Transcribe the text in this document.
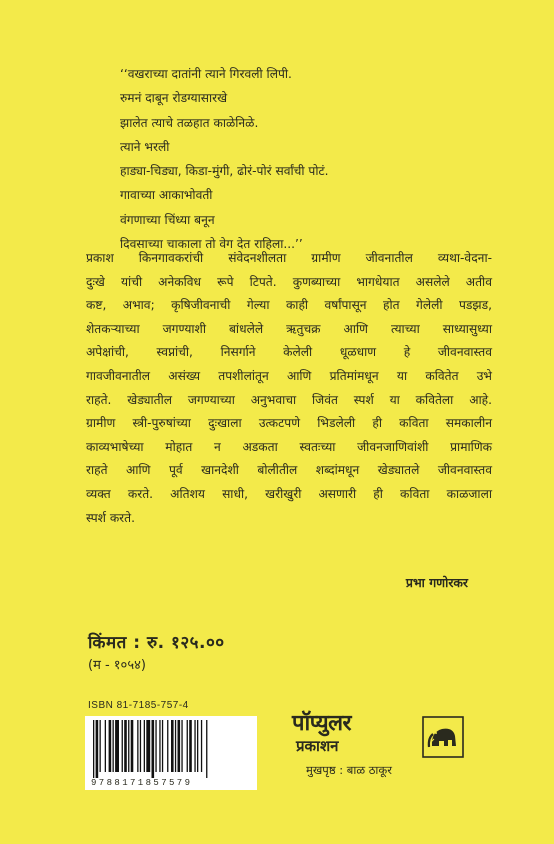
‘‘वखराच्या दातांनी त्याने गिरवली लिपी.
रुमनं दाबून रोडग्यासारखे
झालेत त्याचे तळहात काळेनिळे.
त्याने भरली
हाड्या-चिड्या, किडा-मुंगी, ढोरं-पोरं सर्वांची पोटं.
गावाच्या आकाभोवती
वंगणाच्या चिंध्या बनून
दिवसाच्या चाकाला तो वेग देत राहिला...’’
प्रकाश किनगावकरांची संवेदनशीलता ग्रामीण जीवनातील व्यथा-वेदना-
दुःखे यांची अनेकविध रूपे टिपते. कुणब्याच्या भागधेयात असलेले अतीव
कष्ट, अभाव; कृषिजीवनाची गेल्या काही वर्षांपासून होत गेलेली पडझड,
शेतकऱ्याच्या जगण्याशी बांधलेले ऋतुचक्र आणि त्याच्या साध्यासुध्या
अपेक्षांची, स्वप्नांची, निसर्गाने केलेली धूळधाण हे जीवनवास्तव
गावजीवनातील असंख्य तपशीलांतून आणि प्रतिमांमधून या कवितेत उभे
राहते. खेड्यातील जगण्याच्या अनुभवाचा जिवंत स्पर्श या कवितेला आहे.
ग्रामीण स्त्री-पुरुषांच्या दुःखाला उत्कटपणे भिडलेली ही कविता समकालीन
काव्यभाषेच्या मोहात न अडकता स्वतःच्या जीवनजाणिवांशी प्रामाणिक
राहते आणि पूर्व खानदेशी बोलीतील शब्दांमधून खेड्यातले जीवनवास्तव
व्यक्त करते. अतिशय साधी, खरीखुरी असणारी ही कविता काळजाला
स्पर्श करते.
प्रभा गणोरकर
किंमत : रु. १२५.००
(म - १०५४)
ISBN 81-7185-757-4
9788171857579
पॉप्युलर
प्रकाशन
मुखपृष्ठ : बाळ ठाकूर
